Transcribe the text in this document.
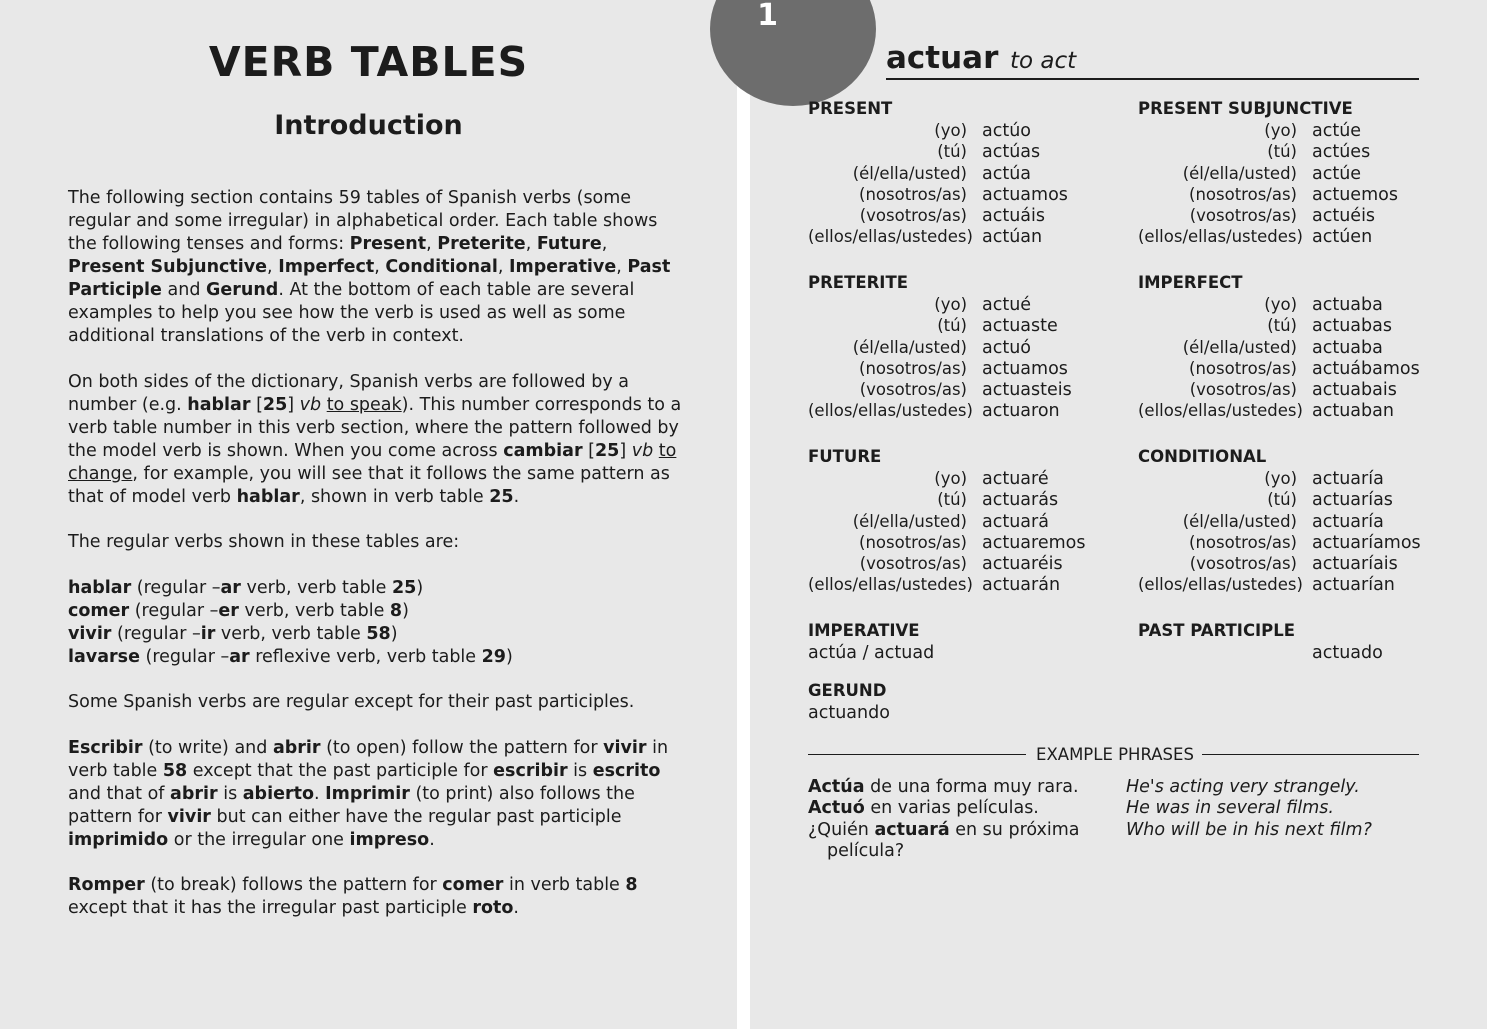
VERB TABLES
Introduction

The following section contains 59 tables of Spanish verbs (some regular and some irregular) in alphabetical order. Each table shows the following tenses and forms: Present, Preterite, Future, Present Subjunctive, Imperfect, Conditional, Imperative, Past Participle and Gerund. At the bottom of each table are several examples to help you see how the verb is used as well as some additional translations of the verb in context.

On both sides of the dictionary, Spanish verbs are followed by a number (e.g. hablar [25] vb to speak). This number corresponds to a verb table number in this verb section, where the pattern followed by the model verb is shown. When you come across cambiar [25] vb to change, for example, you will see that it follows the same pattern as that of model verb hablar, shown in verb table 25.

The regular verbs shown in these tables are:

hablar (regular –ar verb, verb table 25)

comer (regular –er verb, verb table 8)

vivir (regular –ir verb, verb table 58)

lavarse (regular –ar reflexive verb, verb table 29)

Some Spanish verbs are regular except for their past participles.

Escribir (to write) and abrir (to open) follow the pattern for vivir in verb table 58 except that the past participle for escribir is escrito and that of abrir is abierto. Imprimir (to print) also follows the pattern for vivir but can either have the regular past participle imprimido or the irregular one impreso.

Romper (to break) follows the pattern for comer in verb table 8 except that it has the irregular past participle roto.

1
actuar to act
PRESENT
(yo) actúo
(tú) actúas
(él/ella/usted) actúa
(nosotros/as) actuamos
(vosotros/as) actuáis
(ellos/ellas/ustedes) actúan
PRESENT SUBJUNCTIVE
(yo) actúe
(tú) actúes
(él/ella/usted) actúe
(nosotros/as) actuemos
(vosotros/as) actuéis
(ellos/ellas/ustedes) actúen
PRETERITE
(yo) actué
(tú) actuaste
(él/ella/usted) actuó
(nosotros/as) actuamos
(vosotros/as) actuasteis
(ellos/ellas/ustedes) actuaron
IMPERFECT
(yo) actuaba
(tú) actuabas
(él/ella/usted) actuaba
(nosotros/as) actuábamos
(vosotros/as) actuabais
(ellos/ellas/ustedes) actuaban
FUTURE
(yo) actuaré
(tú) actuarás
(él/ella/usted) actuará
(nosotros/as) actuaremos
(vosotros/as) actuaréis
(ellos/ellas/ustedes) actuarán
CONDITIONAL
(yo) actuaría
(tú) actuarías
(él/ella/usted) actuaría
(nosotros/as) actuaríamos
(vosotros/as) actuaríais
(ellos/ellas/ustedes) actuarían
IMPERATIVE
actúa / actuad
PAST PARTICIPLE
actuado
GERUND
actuando
EXAMPLE PHRASES
Actúa de una forma muy rara.
Actuó en varias películas.
¿Quién actuará en su próxima
película?
He's acting very strangely.
He was in several films.
Who will be in his next film?
